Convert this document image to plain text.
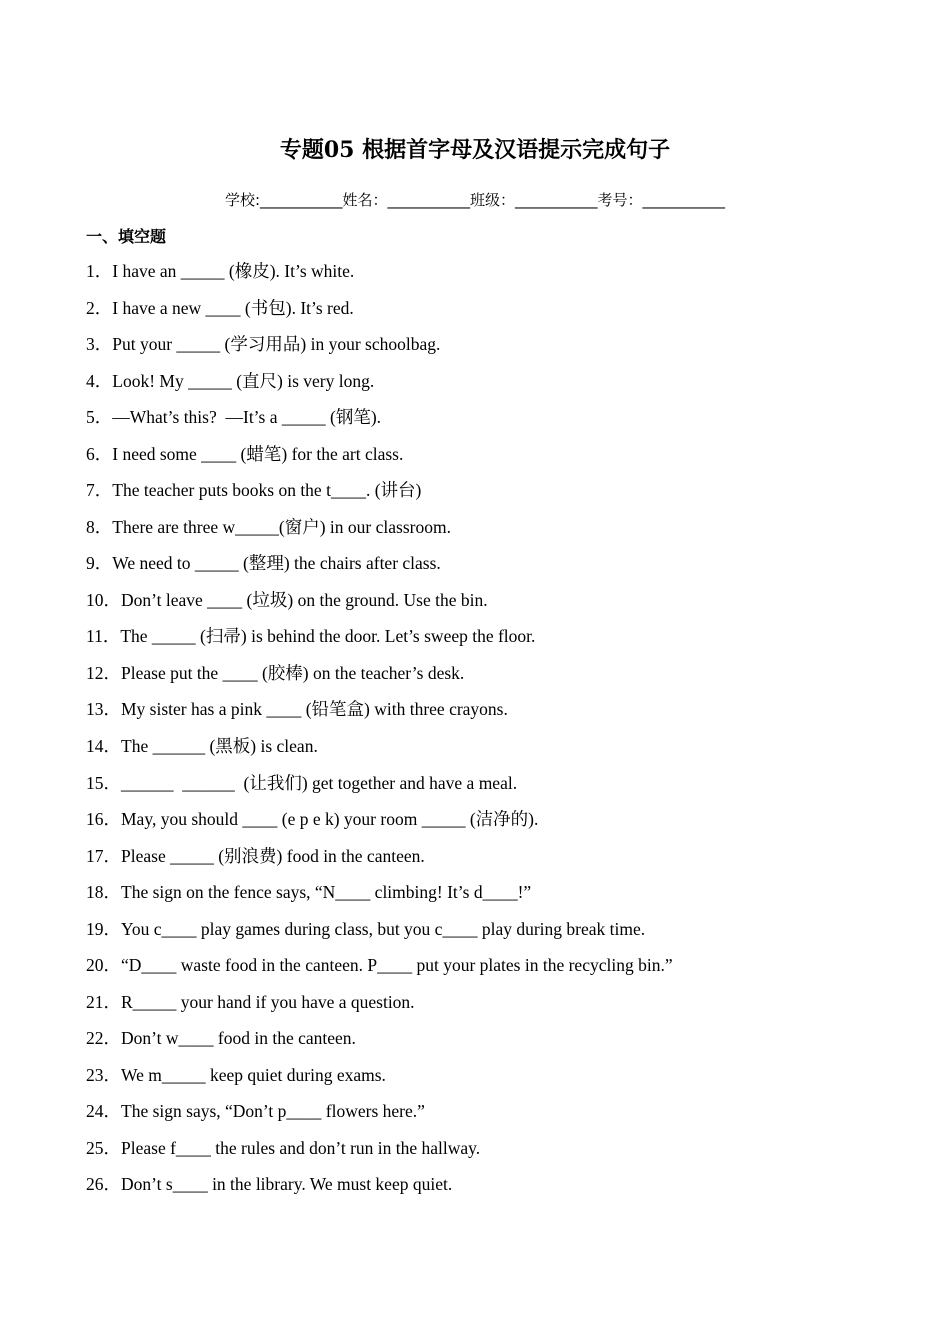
专题05 根据首字母及汉语提示完成句子
学校:___________姓名：___________班级：___________考号：___________
一、填空题
1．I have an _____ (橡皮). It’s white.
2．I have a new ____ (书包). It’s red.
3．Put your _____ (学习用品) in your schoolbag.
4．Look! My _____ (直尺) is very long.
5．—What’s this?  —It’s a _____ (钢笔).
6．I need some ____ (蜡笔) for the art class.
7．The teacher puts books on the t____. (讲台)
8．There are three w_____(窗户) in our classroom.
9．We need to _____ (整理) the chairs after class.
10．Don’t leave ____ (垃圾) on the ground. Use the bin.
11．The _____ (扫帚) is behind the door. Let’s sweep the floor.
12．Please put the ____ (胶棒) on the teacher’s desk.
13．My sister has a pink ____ (铅笔盒) with three crayons.
14．The ______ (黑板) is clean.
15．______  ______  (让我们) get together and have a meal.
16．May, you should ____ (e p e k) your room _____ (洁净的).
17．Please _____ (别浪费) food in the canteen.
18．The sign on the fence says, “N____ climbing! It’s d____!”
19．You c____ play games during class, but you c____ play during break time.
20．“D____ waste food in the canteen. P____ put your plates in the recycling bin.”
21．R_____ your hand if you have a question.
22．Don’t w____ food in the canteen.
23．We m_____ keep quiet during exams.
24．The sign says, “Don’t p____ flowers here.”
25．Please f____ the rules and don’t run in the hallway.
26．Don’t s____ in the library. We must keep quiet.
